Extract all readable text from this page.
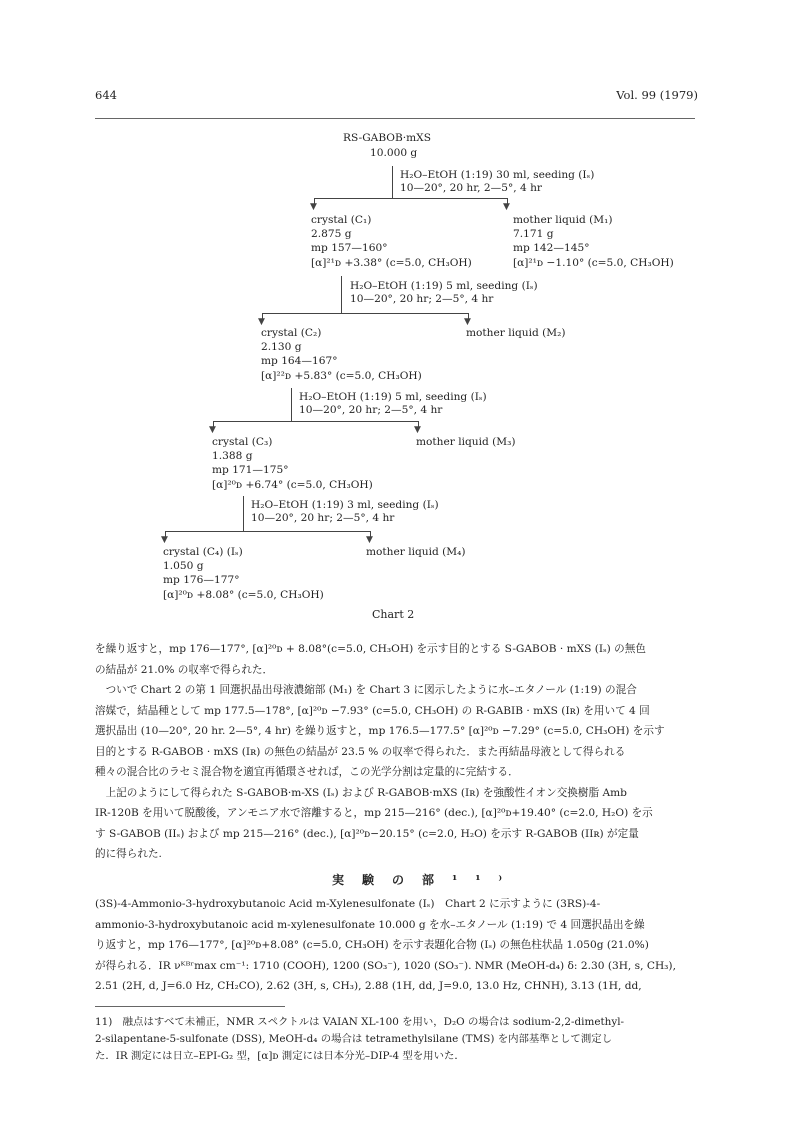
644	Vol. 99 (1979)
RS-GABOB·mXS
10.000 g
H₂O–EtOH (1:19) 30 ml, seeding (Iₛ)
10—20°, 20 hr, 2—5°, 4 hr
▼	▼
crystal (C₁)
2.875 g
mp 157—160°
[α]²¹ᴅ +3.38° (c=5.0, CH₃OH)
mother liquid (M₁)
7.171 g
mp 142—145°
[α]²¹ᴅ −1.10° (c=5.0, CH₃OH)
H₂O–EtOH (1:19) 5 ml, seeding (Iₛ)
10—20°, 20 hr; 2—5°, 4 hr
▼	▼
crystal (C₂)
2.130 g
mp 164—167°
[α]²²ᴅ +5.83° (c=5.0, CH₃OH)
mother liquid (M₂)
H₂O–EtOH (1:19) 5 ml, seeding (Iₛ)
10—20°, 20 hr; 2—5°, 4 hr
▼	▼
crystal (C₃)
1.388 g
mp 171—175°
[α]²⁰ᴅ +6.74° (c=5.0, CH₃OH)
mother liquid (M₃)
H₂O–EtOH (1:19) 3 ml, seeding (Iₛ)
10—20°, 20 hr; 2—5°, 4 hr
▼	▼
crystal (C₄) (Iₛ)
1.050 g
mp 176—177°
[α]²⁰ᴅ +8.08° (c=5.0, CH₃OH)
mother liquid (M₄)
Chart 2
を繰り返すと，mp 176—177°, [α]²⁰ᴅ + 8.08°(c=5.0, CH₃OH) を示す目的とする S-GABOB · mXS (Iₛ) の無色
の結晶が 21.0% の収率で得られた．
　ついで Chart 2 の第 1 回選択晶出母液濃縮部 (M₁) を Chart 3 に図示したように水–エタノール (1:19) の混合
溶媒で，結晶種として mp 177.5—178°, [α]²⁰ᴅ −7.93° (c=5.0, CH₃OH) の R-GABIB · mXS (Iʀ) を用いて 4 回
選択晶出 (10—20°, 20 hr. 2—5°, 4 hr) を繰り返すと，mp 176.5—177.5° [α]²⁰ᴅ −7.29° (c=5.0, CH₃OH) を示す
目的とする R-GABOB · mXS (Iʀ) の無色の結晶が 23.5 % の収率で得られた．また再結晶母液として得られる
種々の混合比のラセミ混合物を適宜再循環させれば，この光学分割は定量的に完結する．
　上記のようにして得られた S-GABOB·m-XS (Iₛ) および R-GABOB·mXS (Iʀ) を強酸性イオン交換樹脂 Amb
IR-120B を用いて脱酸後，アンモニア水で溶離すると，mp 215—216° (dec.), [α]²⁰ᴅ+19.40° (c=2.0, H₂O) を示
す S-GABOB (IIₛ) および mp 215—216° (dec.), [α]²⁰ᴅ−20.15° (c=2.0, H₂O) を示す R-GABOB (IIʀ) が定量
的に得られた.
実験の部¹¹⁾
(3S)-4-Ammonio-3-hydroxybutanoic Acid m-Xylenesulfonate (Iₛ)　Chart 2 に示すように (3RS)-4-
ammonio-3-hydroxybutanoic acid m-xylenesulfonate 10.000 g を水–エタノール (1:19) で 4 回選択晶出を繰
り返すと，mp 176—177°, [α]²⁰ᴅ+8.08° (c=5.0, CH₃OH) を示す表題化合物 (Iₛ) の無色柱状晶 1.050g (21.0%)
が得られる．IR νᴷᴮʳmax cm⁻¹: 1710 (COOH), 1200 (SO₃⁻), 1020 (SO₃⁻). NMR (MeOH-d₄) δ: 2.30 (3H, s, CH₃),
2.51 (2H, d, J=6.0 Hz, CH₂CO), 2.62 (3H, s, CH₃), 2.88 (1H, dd, J=9.0, 13.0 Hz, CHNH), 3.13 (1H, dd,
11)　融点はすべて未補正，NMR スペクトルは VAIAN XL-100 を用い，D₂O の場合は sodium-2,2-dimethyl-
2-silapentane-5-sulfonate (DSS), MeOH-d₄ の場合は tetramethylsilane (TMS) を内部基準として測定し
た．IR 測定には日立–EPI-G₂ 型，[α]ᴅ 測定には日本分光–DIP-4 型を用いた．
